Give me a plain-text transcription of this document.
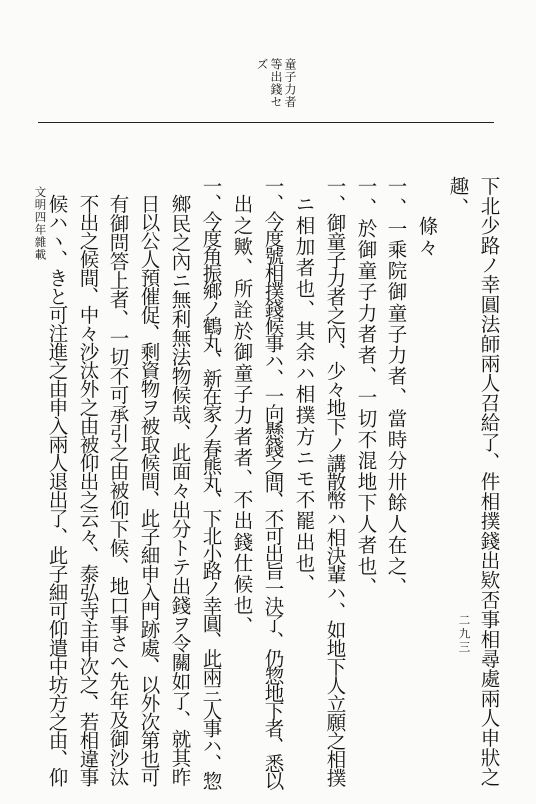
童子力者
等出錢セ
ズ
下北少路ノ幸圓法師兩人召給了、件相撲錢出欵否事相尋處兩人申狀之
趣、
條々
一、一乘院御童子力者、當時分卅餘人在之、
一、於御童子力者者、一切不混地下人者也、
一、御童子力者之內、少々地下ノ講散幣ハ相決輩ハ、如地下人立願之相撲
ニ相加者也、其余ハ相撲方ニモ不罷出也、
一、今度號相撲錢候事ハ、一向懸錢之間、不可出旨一決了、仍惣地下者、悉以
出之歟、所詮於御童子力者者、不出錢仕候也、
一、今度角振鄉ノ鶴丸、新在家ノ春熊丸、下北小路ノ幸圓、此兩三人事ハ、惣
鄉民之內ニ無利無法物候哉、此面々出分トテ出錢ヲ令關如了、就其昨
日以公人預催促、剩資物ヲ被取候間、此子細申入門跡處、以外次第也可
有御問答上者、一切不可承引之由被仰下候、地口事さへ先年及御沙汰
不出之候間、中々沙汰外之由被仰出之云々、泰弘寺主申次之、若相違事
候ハヽ、きと可注進之由申入兩人退出了、此子細可仰遣中坊方之由、仰
文明四年雜載
二九三
